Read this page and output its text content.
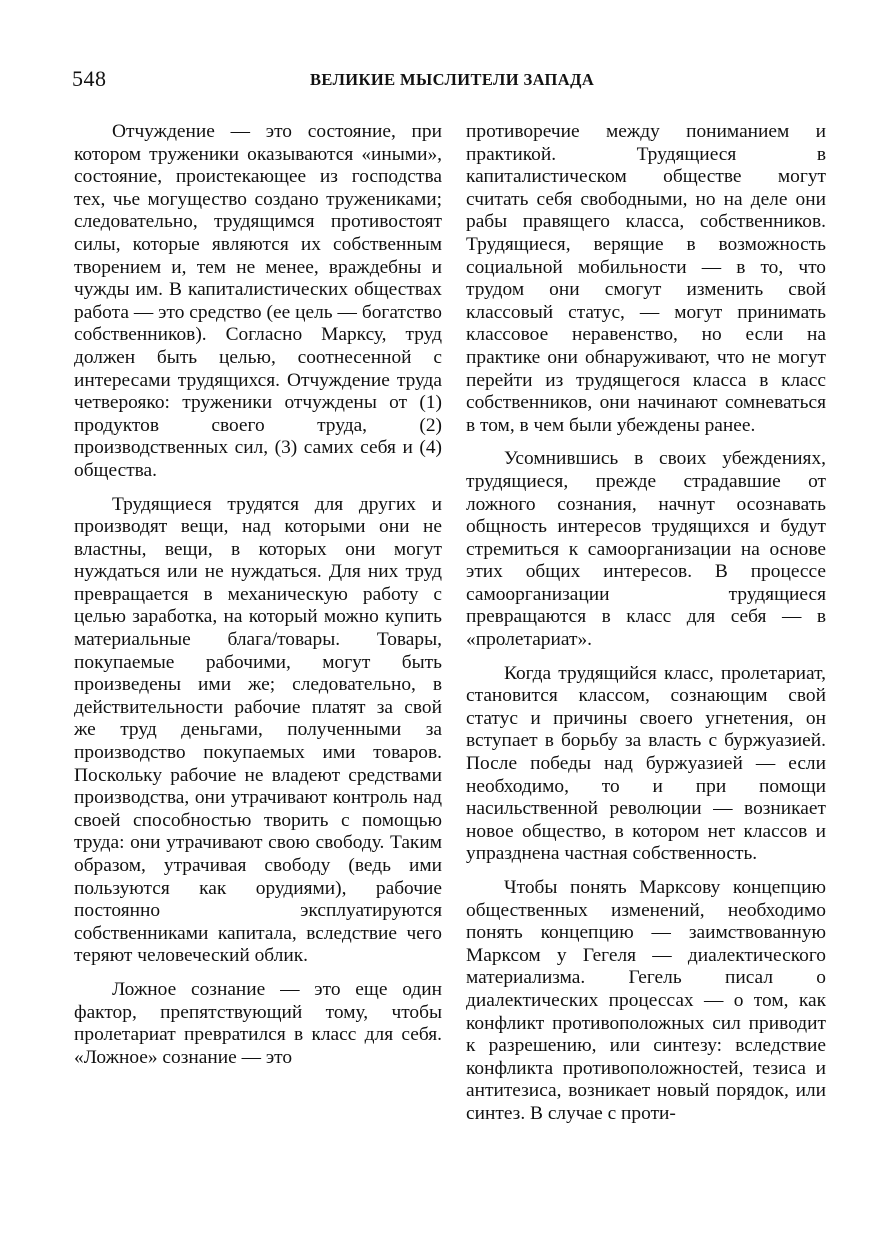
548	ВЕЛИКИЕ МЫСЛИТЕЛИ ЗАПАДА

Отчуждение — это состояние, при котором труженики оказываются «иными», состояние, проистекающее из господства тех, чье могущество создано тружениками; следовательно, трудящимся противостоят силы, которые являются их собственным творением и, тем не менее, враждебны и чужды им. В капиталистических обществах работа — это средство (ее цель — богатство собственников). Согласно Марксу, труд должен быть целью, соотнесенной с интересами трудящихся. Отчуждение труда четверояко: труженики отчуждены от (1) продуктов своего труда, (2) производственных сил, (3) самих себя и (4) общества.

Трудящиеся трудятся для других и производят вещи, над которыми они не властны, вещи, в которых они могут нуждаться или не нуждаться. Для них труд превращается в механическую работу с целью заработка, на который можно купить материальные блага/товары. Товары, покупаемые рабочими, могут быть произведены ими же; следовательно, в действительности рабочие платят за свой же труд деньгами, полученными за производство покупаемых ими товаров. Поскольку рабочие не владеют средствами производства, они утрачивают контроль над своей способностью творить с помощью труда: они утрачивают свою свободу. Таким образом, утрачивая свободу (ведь ими пользуются как орудиями), рабочие постоянно эксплуатируются собственниками капитала, вследствие чего теряют человеческий облик.

Ложное сознание — это еще один фактор, препятствующий тому, чтобы пролетариат превратился в класс для себя. «Ложное» сознание — это

противоречие между пониманием и практикой. Трудящиеся в капиталистическом обществе могут считать себя свободными, но на деле они рабы правящего класса, собственников. Трудящиеся, верящие в возможность социальной мобильности — в то, что трудом они смогут изменить свой классовый статус, — могут принимать классовое неравенство, но если на практике они обнаруживают, что не могут перейти из трудящегося класса в класс собственников, они начинают сомневаться в том, в чем были убеждены ранее.

Усомнившись в своих убеждениях, трудящиеся, прежде страдавшие от ложного сознания, начнут осознавать общность интересов трудящихся и будут стремиться к самоорганизации на основе этих общих интересов. В процессе самоорганизации трудящиеся превращаются в класс для себя — в «пролетариат».

Когда трудящийся класс, пролетариат, становится классом, сознающим свой статус и причины своего угнетения, он вступает в борьбу за власть с буржуазией. После победы над буржуазией — если необходимо, то и при помощи насильственной революции — возникает новое общество, в котором нет классов и упразднена частная собственность.

Чтобы понять Марксову концепцию общественных изменений, необходимо понять концепцию — заимствованную Марксом у Гегеля — диалектического материализма. Гегель писал о диалектических процессах — о том, как конфликт противоположных сил приводит к разрешению, или синтезу: вследствие конфликта противоположностей, тезиса и антитезиса, возникает новый порядок, или синтез. В случае с проти-
